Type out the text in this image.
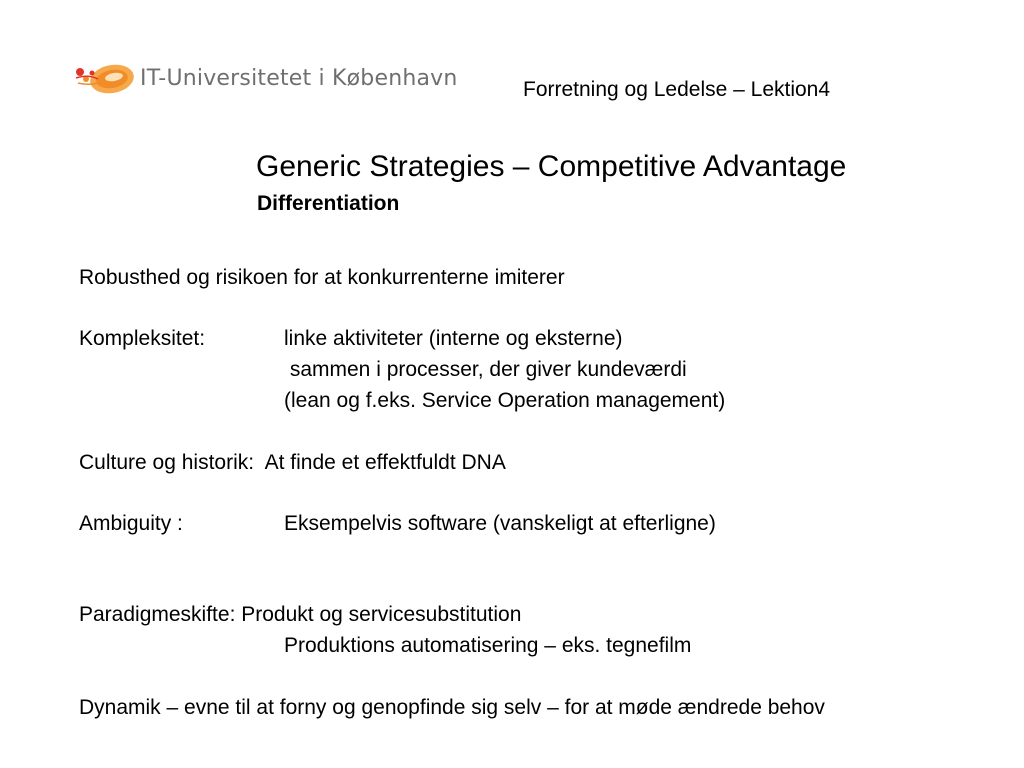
IT-Universitetet i København	Forretning og Ledelse – Lektion4
Generic Strategies – Competitive Advantage
Differentiation
Robusthed og risikoen for at konkurrenterne imiterer
Kompleksitet:	linke aktiviteter (interne og eksterne)
sammen i processer, der giver kundeværdi
(lean og f.eks. Service Operation management)
Culture og historik:  At finde et effektfuldt DNA
Ambiguity :	Eksempelvis software (vanskeligt at efterligne)
Paradigmeskifte: Produkt og servicesubstitution
Produktions automatisering – eks. tegnefilm
Dynamik – evne til at forny og genopfinde sig selv – for at møde ændrede behov
